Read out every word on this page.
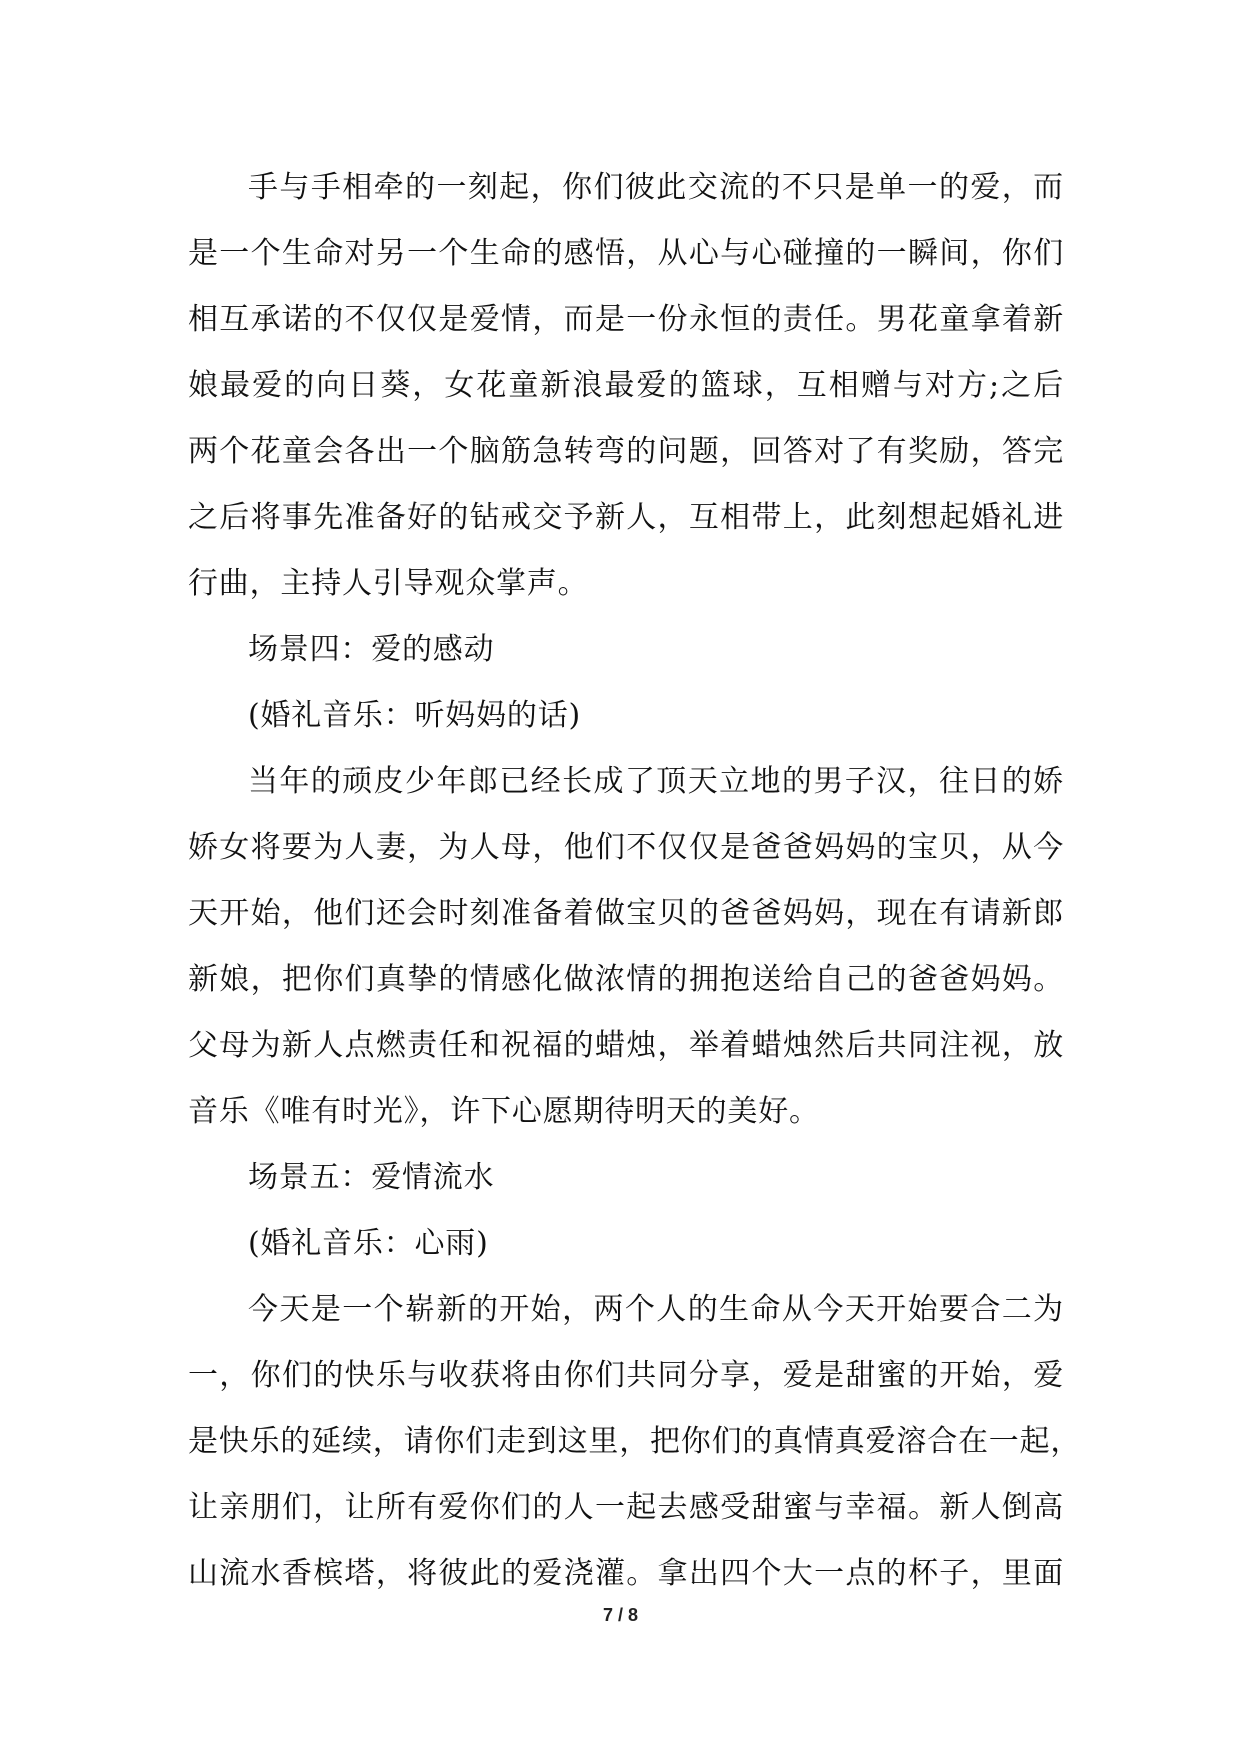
手与手相牵的一刻起，你们彼此交流的不只是单一的爱，而
是一个生命对另一个生命的感悟，从心与心碰撞的一瞬间，你们
相互承诺的不仅仅是爱情，而是一份永恒的责任。男花童拿着新
娘最爱的向日葵，女花童新浪最爱的篮球，互相赠与对方;之后
两个花童会各出一个脑筋急转弯的问题，回答对了有奖励，答完
之后将事先准备好的钻戒交予新人，互相带上，此刻想起婚礼进
行曲，主持人引导观众掌声。
场景四：爱的感动
(婚礼音乐：听妈妈的话)
当年的顽皮少年郎已经长成了顶天立地的男子汉，往日的娇
娇女将要为人妻，为人母，他们不仅仅是爸爸妈妈的宝贝，从今
天开始，他们还会时刻准备着做宝贝的爸爸妈妈，现在有请新郎
新娘，把你们真挚的情感化做浓情的拥抱送给自己的爸爸妈妈。
父母为新人点燃责任和祝福的蜡烛，举着蜡烛然后共同注视，放
音乐《唯有时光》，许下心愿期待明天的美好。
场景五：爱情流水
(婚礼音乐：心雨)
今天是一个崭新的开始，两个人的生命从今天开始要合二为
一，你们的快乐与收获将由你们共同分享，爱是甜蜜的开始，爱
是快乐的延续，请你们走到这里，把你们的真情真爱溶合在一起，
让亲朋们，让所有爱你们的人一起去感受甜蜜与幸福。新人倒高
山流水香槟塔，将彼此的爱浇灌。拿出四个大一点的杯子，里面
7 / 8
